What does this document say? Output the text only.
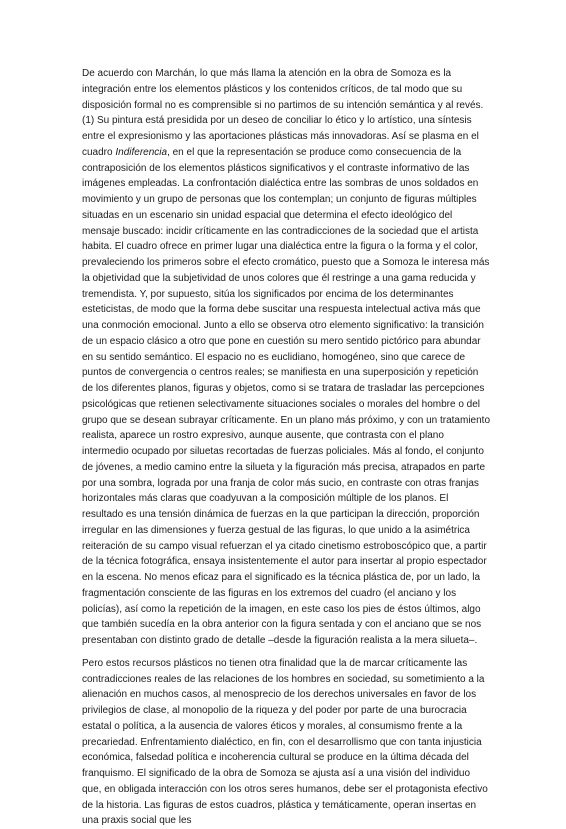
De acuerdo con Marchán, lo que más llama la atención en la obra de Somoza es la integración entre los elementos plásticos y los contenidos críticos, de tal modo que su disposición formal no es comprensible si no partimos de su intención semántica y al revés.(1) Su pintura está presidida por un deseo de conciliar lo ético y lo artístico, una síntesis entre el expresionismo y las aportaciones plásticas más innovadoras. Así se plasma en el cuadro Indiferencia, en el que la representación se produce como consecuencia de la contraposición de los elementos plásticos significativos y el contraste informativo de las imágenes empleadas. La confrontación dialéctica entre las sombras de unos soldados en movimiento y un grupo de personas que los contemplan; un conjunto de figuras múltiples situadas en un escenario sin unidad espacial que determina el efecto ideológico del mensaje buscado: incidir críticamente en las contradicciones de la sociedad que el artista habita. El cuadro ofrece en primer lugar una dialéctica entre la figura o la forma y el color, prevaleciendo los primeros sobre el efecto cromático, puesto que a Somoza le interesa más la objetividad que la subjetividad de unos colores que él restringe a una gama reducida y tremendista. Y, por supuesto, sitúa los significados por encima de los determinantes esteticistas, de modo que la forma debe suscitar una respuesta intelectual activa más que una conmoción emocional. Junto a ello se observa otro elemento significativo: la transición de un espacio clásico a otro que pone en cuestión su mero sentido pictórico para abundar en su sentido semántico. El espacio no es euclidiano, homogéneo, sino que carece de puntos de convergencia o centros reales; se manifiesta en una superposición y repetición de los diferentes planos, figuras y objetos, como si se tratara de trasladar las percepciones psicológicas que retienen selectivamente situaciones sociales o morales del hombre o del grupo que se desean subrayar críticamente. En un plano más próximo, y con un tratamiento realista, aparece un rostro expresivo, aunque ausente, que contrasta con el plano intermedio ocupado por siluetas recortadas de fuerzas policiales. Más al fondo, el conjunto de jóvenes, a medio camino entre la silueta y la figuración más precisa, atrapados en parte por una sombra, lograda por una franja de color más sucio, en contraste con otras franjas horizontales más claras que coadyuvan a la composición múltiple de los planos. El resultado es una tensión dinámica de fuerzas en la que participan la dirección, proporción irregular en las dimensiones y fuerza gestual de las figuras, lo que unido a la asimétrica reiteración de su campo visual refuerzan el ya citado cinetismo estroboscópico que, a partir de la técnica fotográfica, ensaya insistentemente el autor para insertar al propio espectador en la escena. No menos eficaz para el significado es la técnica plástica de, por un lado, la fragmentación consciente de las figuras en los extremos del cuadro (el anciano y los policías), así como la repetición de la imagen, en este caso los pies de éstos últimos, algo que también sucedía en la obra anterior con la figura sentada y con el anciano que se nos presentaban con distinto grado de detalle –desde la figuración realista a la mera silueta–.

Pero estos recursos plásticos no tienen otra finalidad que la de marcar críticamente las contradicciones reales de las relaciones de los hombres en sociedad, su sometimiento a la alienación en muchos casos, al menosprecio de los derechos universales en favor de los privilegios de clase, al monopolio de la riqueza y del poder por parte de una burocracia estatal o política, a la ausencia de valores éticos y morales, al consumismo frente a la precariedad. Enfrentamiento dialéctico, en fin, con el desarrollismo que con tanta injusticia económica, falsedad política e incoherencia cultural se produce en la última década del franquismo. El significado de la obra de Somoza se ajusta así a una visión del individuo que, en obligada interacción con los otros seres humanos, debe ser el protagonista efectivo de la historia. Las figuras de estos cuadros, plástica y temáticamente, operan insertas en una praxis social que les
